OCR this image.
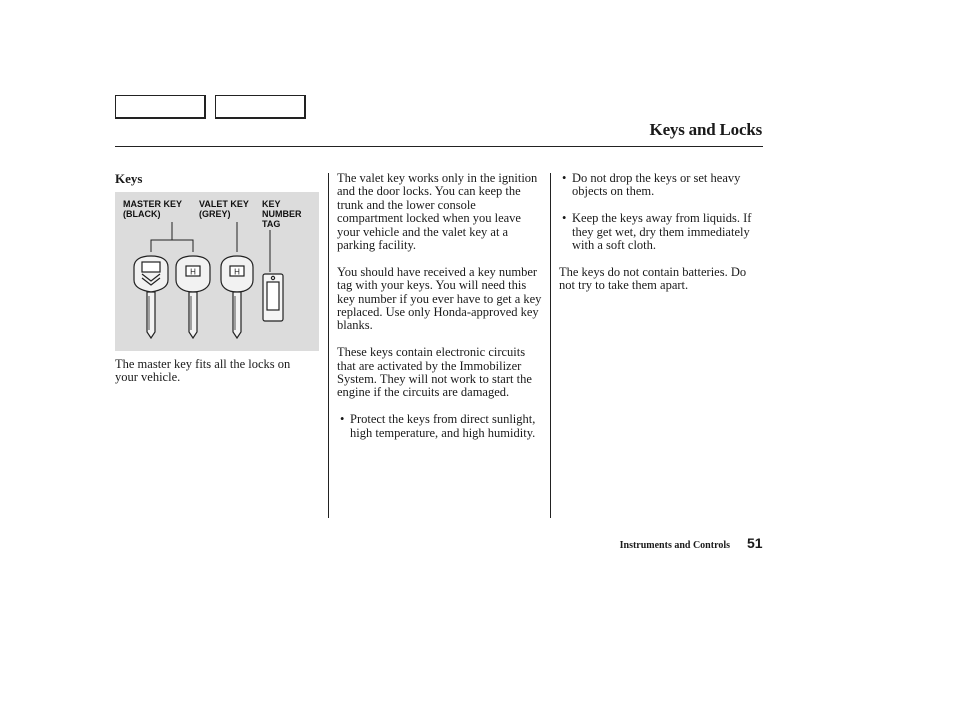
Keys and Locks
Keys
MASTER KEY
(BLACK)
VALET KEY
(GREY)
KEY
NUMBER
TAG
H	H

The master key fits all the locks on your vehicle.

The valet key works only in the ignition and the door locks. You can keep the trunk and the lower console compartment locked when you leave your vehicle and the valet key at a parking facility.

You should have received a key number tag with your keys. You will need this key number if you ever have to get a key replaced. Use only Honda-approved key blanks.

These keys contain electronic circuits that are activated by the Immobilizer System. They will not work to start the engine if the circuits are damaged.

• Protect the keys from direct sunlight, high temperature, and high humidity.

• Do not drop the keys or set heavy objects on them.

• Keep the keys away from liquids. If they get wet, dry them immediately with a soft cloth.

The keys do not contain batteries. Do not try to take them apart.

Instruments and Controls 51
